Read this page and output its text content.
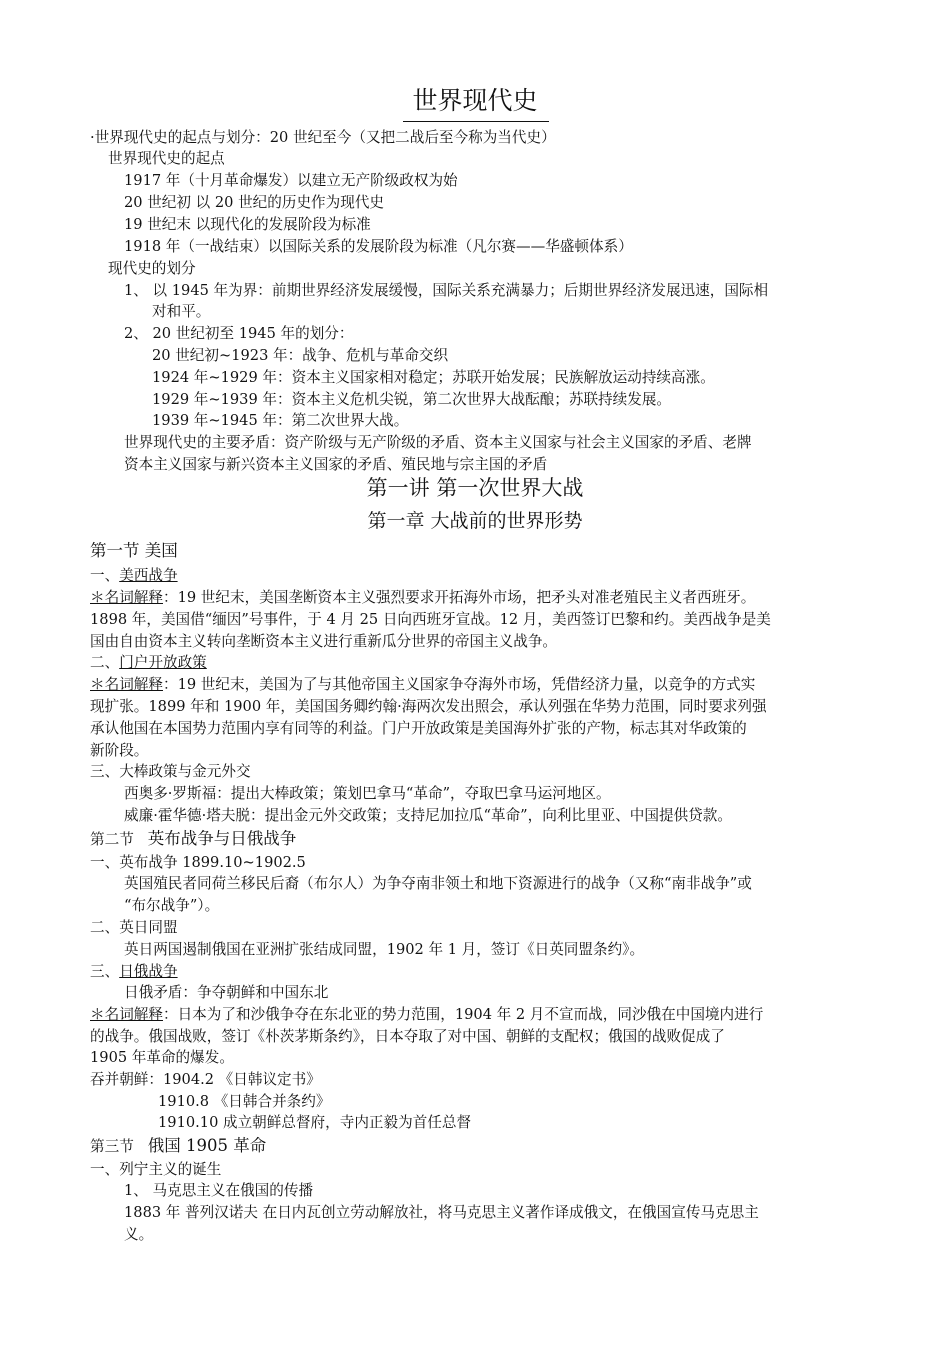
世界现代史
·世界现代史的起点与划分：20 世纪至今（又把二战后至今称为当代史）
世界现代史的起点
1917 年（十月革命爆发）以建立无产阶级政权为始
20 世纪初 以 20 世纪的历史作为现代史
19 世纪末 以现代化的发展阶段为标准
1918 年（一战结束）以国际关系的发展阶段为标准（凡尔赛——华盛顿体系）
现代史的划分
1、 以 1945 年为界：前期世界经济发展缓慢，国际关系充满暴力；后期世界经济发展迅速，国际相
对和平。
2、 20 世纪初至 1945 年的划分：
20 世纪初~1923 年：战争、危机与革命交织
1924 年~1929 年：资本主义国家相对稳定；苏联开始发展；民族解放运动持续高涨。
1929 年~1939 年：资本主义危机尖锐，第二次世界大战酝酿；苏联持续发展。
1939 年~1945 年：第二次世界大战。
世界现代史的主要矛盾：资产阶级与无产阶级的矛盾、资本主义国家与社会主义国家的矛盾、老牌
资本主义国家与新兴资本主义国家的矛盾、殖民地与宗主国的矛盾
第一讲 第一次世界大战
第一章 大战前的世界形势
第一节 美国
一、美西战争
＊名词解释：19 世纪末，美国垄断资本主义强烈要求开拓海外市场，把矛头对准老殖民主义者西班牙。
1898 年，美国借“缅因”号事件，于 4 月 25 日向西班牙宣战。12 月，美西签订巴黎和约。美西战争是美
国由自由资本主义转向垄断资本主义进行重新瓜分世界的帝国主义战争。
二、门户开放政策
＊名词解释：19 世纪末，美国为了与其他帝国主义国家争夺海外市场，凭借经济力量，以竞争的方式实
现扩张。1899 年和 1900 年，美国国务卿约翰·海两次发出照会，承认列强在华势力范围，同时要求列强
承认他国在本国势力范围内享有同等的利益。门户开放政策是美国海外扩张的产物，标志其对华政策的
新阶段。
三、大棒政策与金元外交
西奥多·罗斯福：提出大棒政策；策划巴拿马“革命”，夺取巴拿马运河地区。
威廉·霍华德·塔夫脱：提出金元外交政策；支持尼加拉瓜“革命”，向利比里亚、中国提供贷款。
第二节 英布战争与日俄战争
一、英布战争 1899.10~1902.5
英国殖民者同荷兰移民后裔（布尔人）为争夺南非领土和地下资源进行的战争（又称“南非战争”或
“布尔战争”）。
二、英日同盟
英日两国遏制俄国在亚洲扩张结成同盟，1902 年 1 月，签订《日英同盟条约》。
三、日俄战争
日俄矛盾：争夺朝鲜和中国东北
＊名词解释：日本为了和沙俄争夺在东北亚的势力范围，1904 年 2 月不宣而战，同沙俄在中国境内进行
的战争。俄国战败，签订《朴茨茅斯条约》，日本夺取了对中国、朝鲜的支配权；俄国的战败促成了
1905 年革命的爆发。
吞并朝鲜：1904.2 《日韩议定书》
1910.8 《日韩合并条约》
1910.10 成立朝鲜总督府，寺内正毅为首任总督
第三节 俄国 1905 革命
一、列宁主义的诞生
1、 马克思主义在俄国的传播
1883 年 普列汉诺夫 在日内瓦创立劳动解放社，将马克思主义著作译成俄文，在俄国宣传马克思主
义。
